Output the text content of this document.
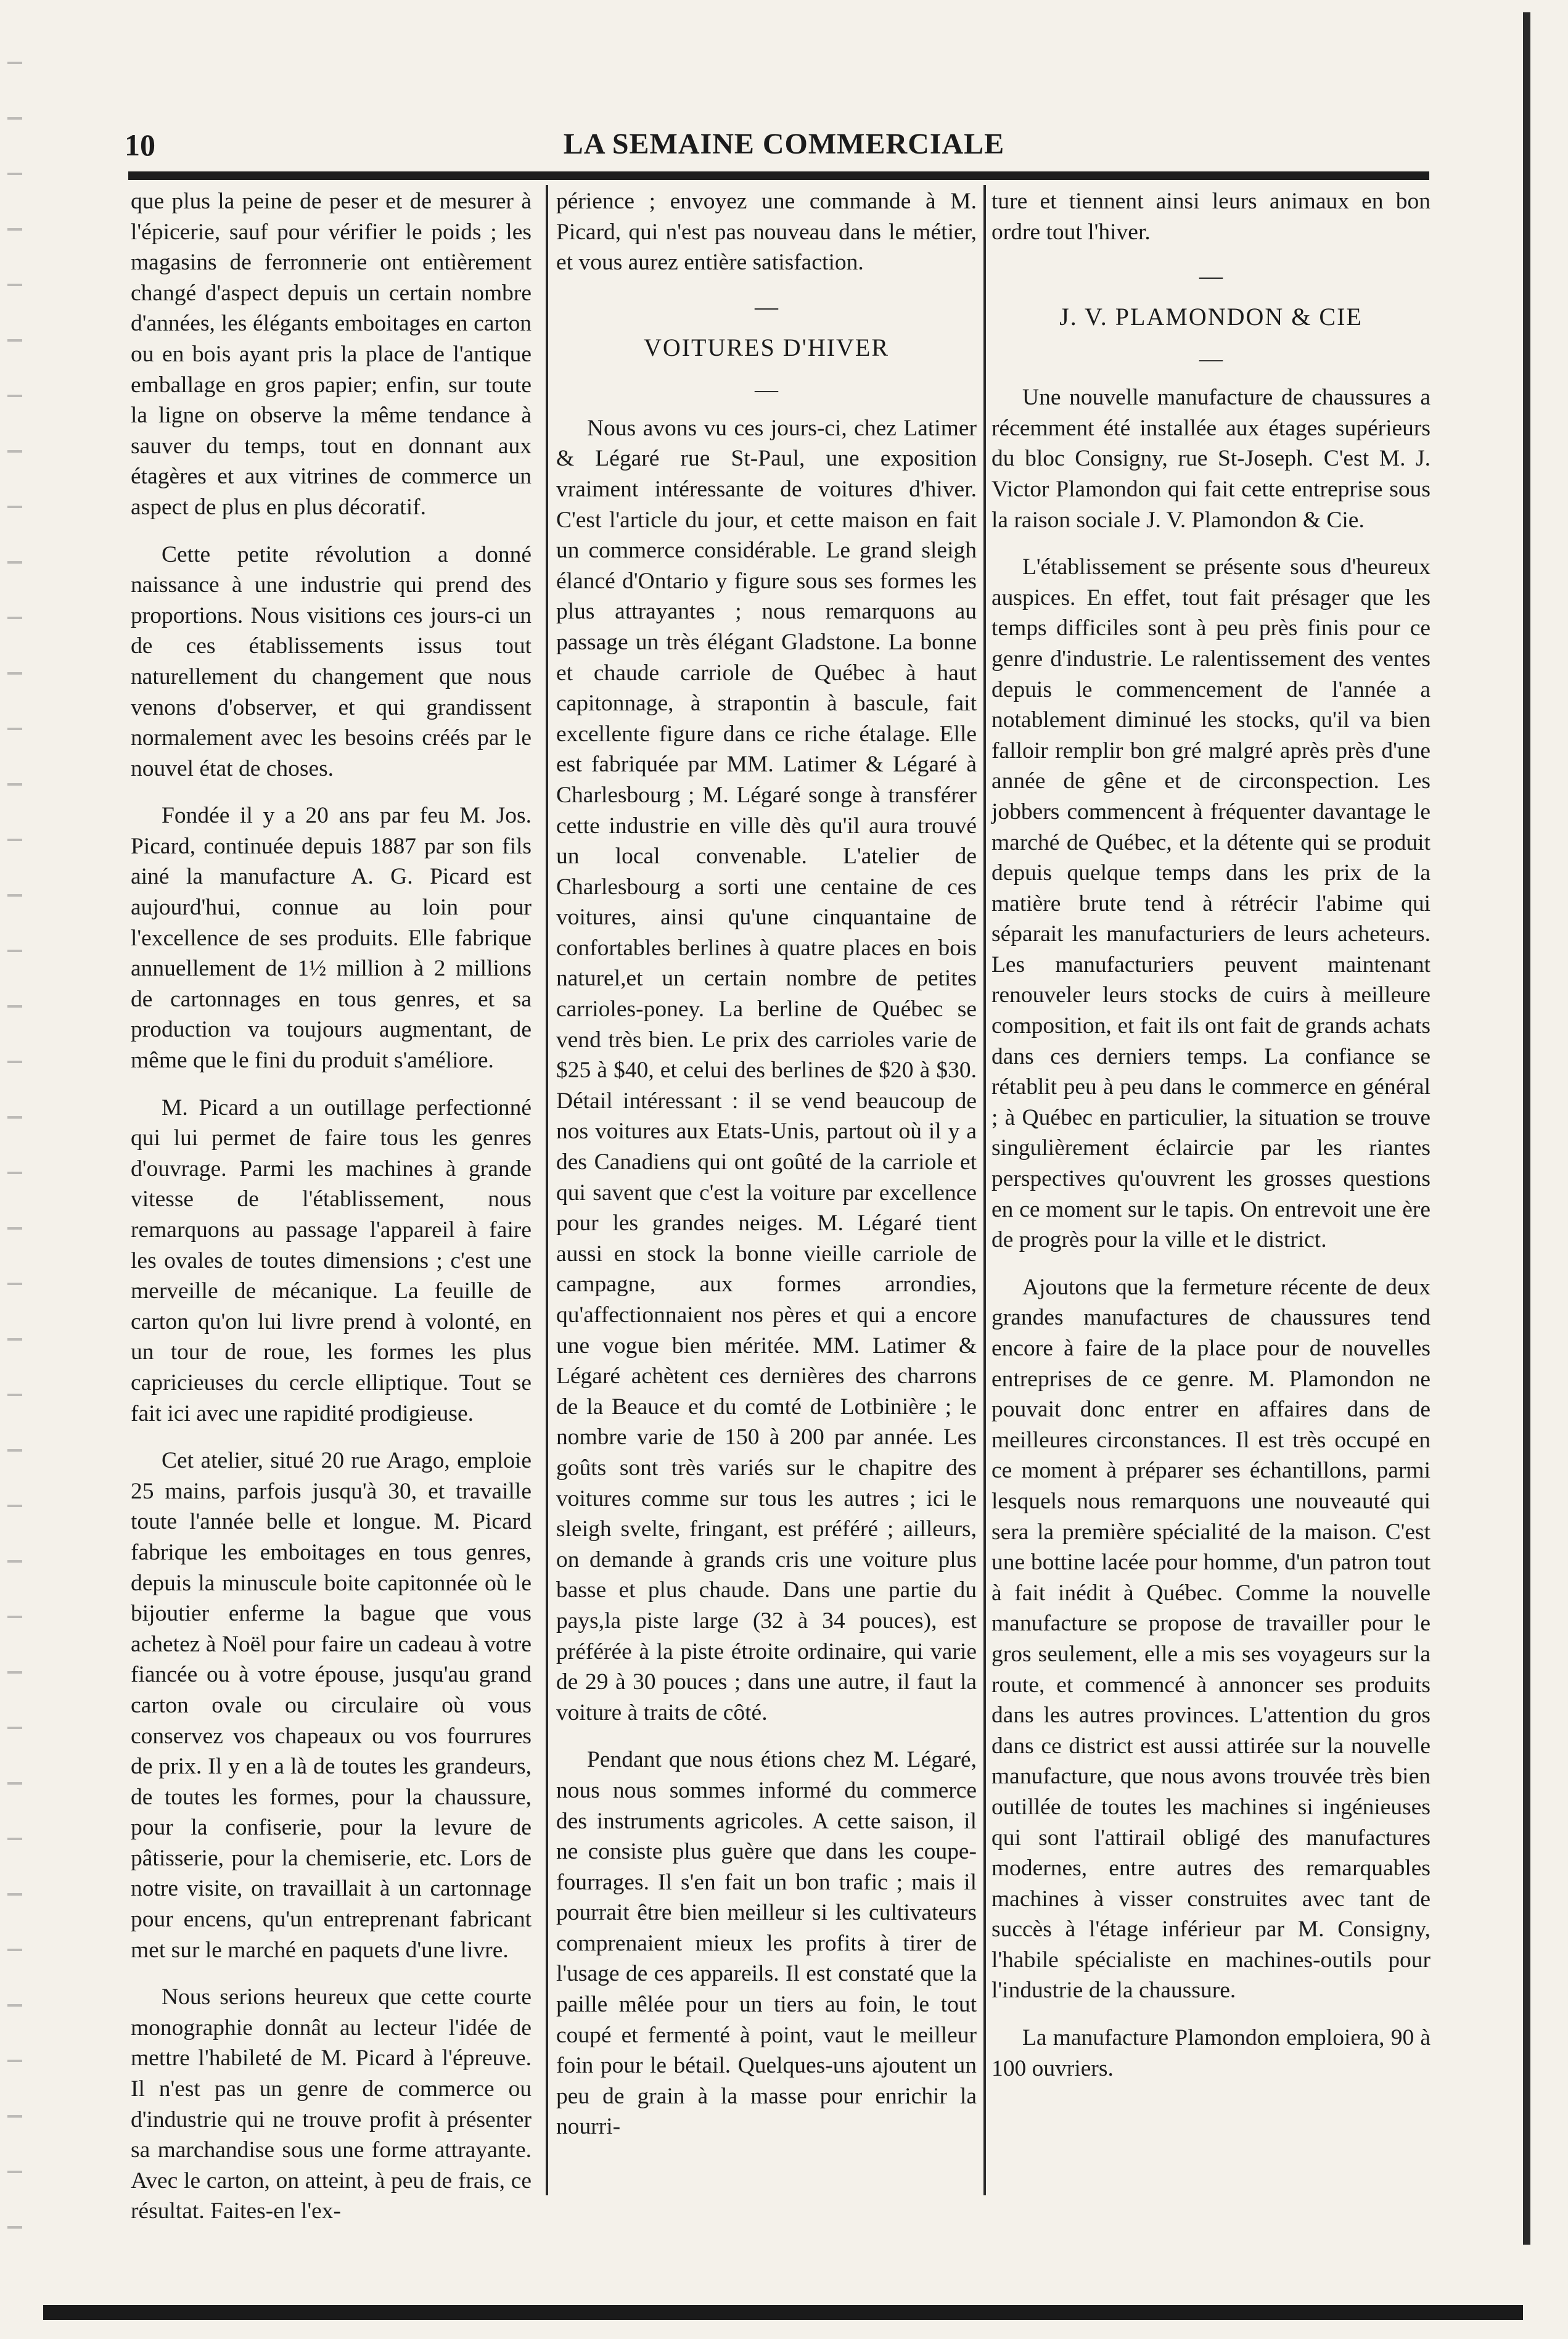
10	LA SEMAINE COMMERCIALE

que plus la peine de peser et de mesurer à l'épicerie, sauf pour vérifier le poids ; les magasins de ferronnerie ont entièrement changé d'aspect depuis un certain nombre d'années, les élégants emboitages en carton ou en bois ayant pris la place de l'antique emballage en gros papier; enfin, sur toute la ligne on observe la même tendance à sauver du temps, tout en donnant aux étagères et aux vitrines de commerce un aspect de plus en plus décoratif.

Cette petite révolution a donné naissance à une industrie qui prend des proportions. Nous visitions ces jours-ci un de ces établissements issus tout naturellement du changement que nous venons d'observer, et qui grandissent normalement avec les besoins créés par le nouvel état de choses.

Fondée il y a 20 ans par feu M. Jos. Picard, continuée depuis 1887 par son fils ainé la manufacture A. G. Picard est aujourd'hui, connue au loin pour l'excellence de ses produits. Elle fabrique annuellement de 1½ million à 2 millions de cartonnages en tous genres, et sa production va toujours augmentant, de même que le fini du produit s'améliore.

M. Picard a un outillage perfectionné qui lui permet de faire tous les genres d'ouvrage. Parmi les machines à grande vitesse de l'établissement, nous remarquons au passage l'appareil à faire les ovales de toutes dimensions ; c'est une merveille de mécanique. La feuille de carton qu'on lui livre prend à volonté, en un tour de roue, les formes les plus capricieuses du cercle elliptique. Tout se fait ici avec une rapidité prodigieuse.

Cet atelier, situé 20 rue Arago, emploie 25 mains, parfois jusqu'à 30, et travaille toute l'année belle et longue. M. Picard fabrique les emboitages en tous genres, depuis la minuscule boite capitonnée où le bijoutier enferme la bague que vous achetez à Noël pour faire un cadeau à votre fiancée ou à votre épouse, jusqu'au grand carton ovale ou circulaire où vous conservez vos chapeaux ou vos fourrures de prix. Il y en a là de toutes les grandeurs, de toutes les formes, pour la chaussure, pour la confiserie, pour la levure de pâtisserie, pour la chemiserie, etc. Lors de notre visite, on travaillait à un cartonnage pour encens, qu'un entreprenant fabricant met sur le marché en paquets d'une livre.

Nous serions heureux que cette courte monographie donnât au lecteur l'idée de mettre l'habileté de M. Picard à l'épreuve. Il n'est pas un genre de commerce ou d'industrie qui ne trouve profit à présenter sa marchandise sous une forme attrayante. Avec le carton, on atteint, à peu de frais, ce résultat. Faites-en l'ex-

périence ; envoyez une commande à M. Picard, qui n'est pas nouveau dans le métier, et vous aurez entière satisfaction.

—
VOITURES D'HIVER
—

Nous avons vu ces jours-ci, chez Latimer & Légaré rue St-Paul, une exposition vraiment intéressante de voitures d'hiver. C'est l'article du jour, et cette maison en fait un commerce considérable. Le grand sleigh élancé d'Ontario y figure sous ses formes les plus attrayantes ; nous remarquons au passage un très élégant Gladstone. La bonne et chaude carriole de Québec à haut capitonnage, à strapontin à bascule, fait excellente figure dans ce riche étalage. Elle est fabriquée par MM. Latimer & Légaré à Charlesbourg ; M. Légaré songe à transférer cette industrie en ville dès qu'il aura trouvé un local convenable. L'atelier de Charlesbourg a sorti une centaine de ces voitures, ainsi qu'une cinquantaine de confortables berlines à quatre places en bois naturel,et un certain nombre de petites carrioles-poney. La berline de Québec se vend très bien. Le prix des carrioles varie de $25 à $40, et celui des berlines de $20 à $30. Détail intéressant : il se vend beaucoup de nos voitures aux Etats-Unis, partout où il y a des Canadiens qui ont goûté de la carriole et qui savent que c'est la voiture par excellence pour les grandes neiges. M. Légaré tient aussi en stock la bonne vieille carriole de campagne, aux formes arrondies, qu'affectionnaient nos pères et qui a encore une vogue bien méritée. MM. Latimer & Légaré achètent ces dernières des charrons de la Beauce et du comté de Lotbinière ; le nombre varie de 150 à 200 par année. Les goûts sont très variés sur le chapitre des voitures comme sur tous les autres ; ici le sleigh svelte, fringant, est préféré ; ailleurs, on demande à grands cris une voiture plus basse et plus chaude. Dans une partie du pays,la piste large (32 à 34 pouces), est préférée à la piste étroite ordinaire, qui varie de 29 à 30 pouces ; dans une autre, il faut la voiture à traits de côté.

Pendant que nous étions chez M. Légaré, nous nous sommes informé du commerce des instruments agricoles. A cette saison, il ne consiste plus guère que dans les coupe-fourrages. Il s'en fait un bon trafic ; mais il pourrait être bien meilleur si les cultivateurs comprenaient mieux les profits à tirer de l'usage de ces appareils. Il est constaté que la paille mêlée pour un tiers au foin, le tout coupé et fermenté à point, vaut le meilleur foin pour le bétail. Quelques-uns ajoutent un peu de grain à la masse pour enrichir la nourri-

ture et tiennent ainsi leurs animaux en bon ordre tout l'hiver.

—
J. V. PLAMONDON & CIE
—

Une nouvelle manufacture de chaussures a récemment été installée aux étages supérieurs du bloc Consigny, rue St-Joseph. C'est M. J. Victor Plamondon qui fait cette entreprise sous la raison sociale J. V. Plamondon & Cie.

L'établissement se présente sous d'heureux auspices. En effet, tout fait présager que les temps difficiles sont à peu près finis pour ce genre d'industrie. Le ralentissement des ventes depuis le commencement de l'année a notablement diminué les stocks, qu'il va bien falloir remplir bon gré malgré après près d'une année de gêne et de circonspection. Les jobbers commencent à fréquenter davantage le marché de Québec, et la détente qui se produit depuis quelque temps dans les prix de la matière brute tend à rétrécir l'abime qui séparait les manufacturiers de leurs acheteurs. Les manufacturiers peuvent maintenant renouveler leurs stocks de cuirs à meilleure composition, et fait ils ont fait de grands achats dans ces derniers temps. La confiance se rétablit peu à peu dans le commerce en général ; à Québec en particulier, la situation se trouve singulièrement éclaircie par les riantes perspectives qu'ouvrent les grosses questions en ce moment sur le tapis. On entrevoit une ère de progrès pour la ville et le district.

Ajoutons que la fermeture récente de deux grandes manufactures de chaussures tend encore à faire de la place pour de nouvelles entreprises de ce genre. M. Plamondon ne pouvait donc entrer en affaires dans de meilleures circonstances. Il est très occupé en ce moment à préparer ses échantillons, parmi lesquels nous remarquons une nouveauté qui sera la première spécialité de la maison. C'est une bottine lacée pour homme, d'un patron tout à fait inédit à Québec. Comme la nouvelle manufacture se propose de travailler pour le gros seulement, elle a mis ses voyageurs sur la route, et commencé à annoncer ses produits dans les autres provinces. L'attention du gros dans ce district est aussi attirée sur la nouvelle manufacture, que nous avons trouvée très bien outillée de toutes les machines si ingénieuses qui sont l'attirail obligé des manufactures modernes, entre autres des remarquables machines à visser construites avec tant de succès à l'étage inférieur par M. Consigny, l'habile spécialiste en machines-outils pour l'industrie de la chaussure.

La manufacture Plamondon emploiera, 90 à 100 ouvriers.
